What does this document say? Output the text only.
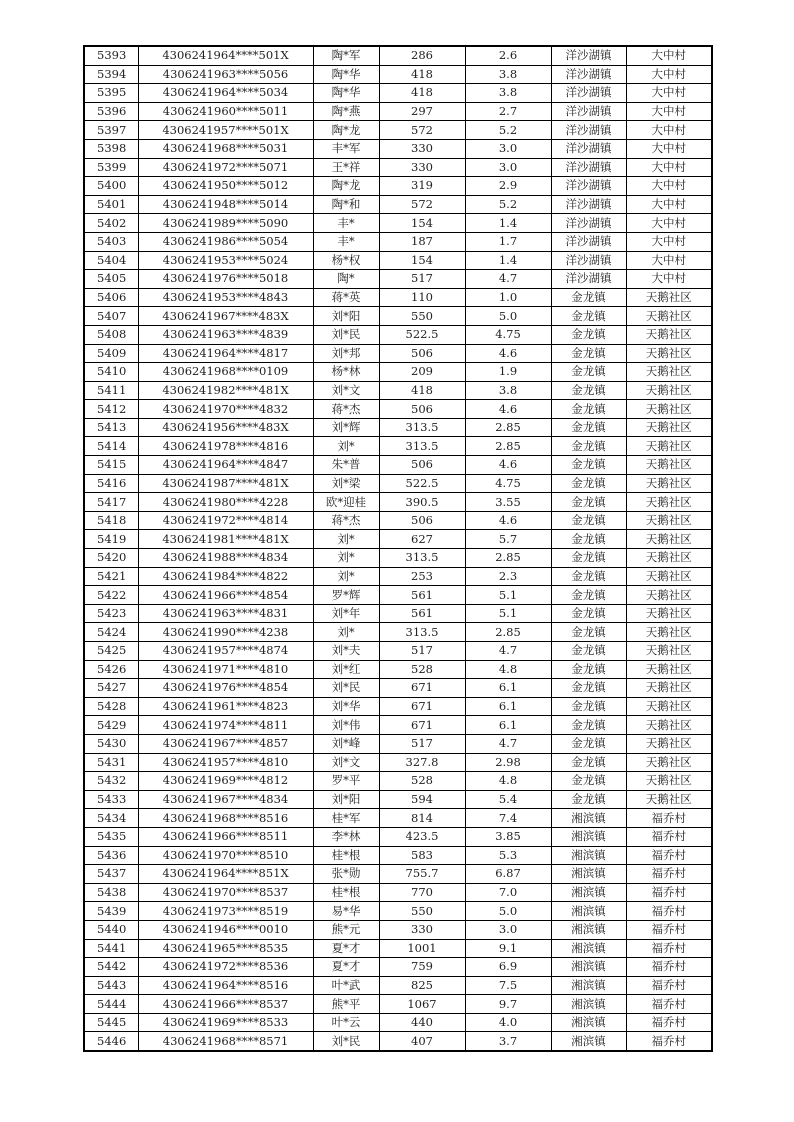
5393	4306241964****501X	陶*军	286	2.6	洋沙湖镇	大中村
5394	4306241963****5056	陶*华	418	3.8	洋沙湖镇	大中村
5395	4306241964****5034	陶*华	418	3.8	洋沙湖镇	大中村
5396	4306241960****5011	陶*燕	297	2.7	洋沙湖镇	大中村
5397	4306241957****501X	陶*龙	572	5.2	洋沙湖镇	大中村
5398	4306241968****5031	丰*军	330	3.0	洋沙湖镇	大中村
5399	4306241972****5071	王*祥	330	3.0	洋沙湖镇	大中村
5400	4306241950****5012	陶*龙	319	2.9	洋沙湖镇	大中村
5401	4306241948****5014	陶*和	572	5.2	洋沙湖镇	大中村
5402	4306241989****5090	丰*	154	1.4	洋沙湖镇	大中村
5403	4306241986****5054	丰*	187	1.7	洋沙湖镇	大中村
5404	4306241953****5024	杨*权	154	1.4	洋沙湖镇	大中村
5405	4306241976****5018	陶*	517	4.7	洋沙湖镇	大中村
5406	4306241953****4843	蒋*英	110	1.0	金龙镇	天鹅社区
5407	4306241967****483X	刘*阳	550	5.0	金龙镇	天鹅社区
5408	4306241963****4839	刘*民	522.5	4.75	金龙镇	天鹅社区
5409	4306241964****4817	刘*邦	506	4.6	金龙镇	天鹅社区
5410	4306241968****0109	杨*林	209	1.9	金龙镇	天鹅社区
5411	4306241982****481X	刘*文	418	3.8	金龙镇	天鹅社区
5412	4306241970****4832	蒋*杰	506	4.6	金龙镇	天鹅社区
5413	4306241956****483X	刘*辉	313.5	2.85	金龙镇	天鹅社区
5414	4306241978****4816	刘*	313.5	2.85	金龙镇	天鹅社区
5415	4306241964****4847	朱*普	506	4.6	金龙镇	天鹅社区
5416	4306241987****481X	刘*梁	522.5	4.75	金龙镇	天鹅社区
5417	4306241980****4228	欧*迎桂	390.5	3.55	金龙镇	天鹅社区
5418	4306241972****4814	蒋*杰	506	4.6	金龙镇	天鹅社区
5419	4306241981****481X	刘*	627	5.7	金龙镇	天鹅社区
5420	4306241988****4834	刘*	313.5	2.85	金龙镇	天鹅社区
5421	4306241984****4822	刘*	253	2.3	金龙镇	天鹅社区
5422	4306241966****4854	罗*辉	561	5.1	金龙镇	天鹅社区
5423	4306241963****4831	刘*年	561	5.1	金龙镇	天鹅社区
5424	4306241990****4238	刘*	313.5	2.85	金龙镇	天鹅社区
5425	4306241957****4874	刘*夫	517	4.7	金龙镇	天鹅社区
5426	4306241971****4810	刘*红	528	4.8	金龙镇	天鹅社区
5427	4306241976****4854	刘*民	671	6.1	金龙镇	天鹅社区
5428	4306241961****4823	刘*华	671	6.1	金龙镇	天鹅社区
5429	4306241974****4811	刘*伟	671	6.1	金龙镇	天鹅社区
5430	4306241967****4857	刘*峰	517	4.7	金龙镇	天鹅社区
5431	4306241957****4810	刘*文	327.8	2.98	金龙镇	天鹅社区
5432	4306241969****4812	罗*平	528	4.8	金龙镇	天鹅社区
5433	4306241967****4834	刘*阳	594	5.4	金龙镇	天鹅社区
5434	4306241968****8516	桂*军	814	7.4	湘滨镇	福乔村
5435	4306241966****8511	李*林	423.5	3.85	湘滨镇	福乔村
5436	4306241970****8510	桂*根	583	5.3	湘滨镇	福乔村
5437	4306241964****851X	张*勋	755.7	6.87	湘滨镇	福乔村
5438	4306241970****8537	桂*根	770	7.0	湘滨镇	福乔村
5439	4306241973****8519	易*华	550	5.0	湘滨镇	福乔村
5440	4306241946****0010	熊*元	330	3.0	湘滨镇	福乔村
5441	4306241965****8535	夏*才	1001	9.1	湘滨镇	福乔村
5442	4306241972****8536	夏*才	759	6.9	湘滨镇	福乔村
5443	4306241964****8516	叶*武	825	7.5	湘滨镇	福乔村
5444	4306241966****8537	熊*平	1067	9.7	湘滨镇	福乔村
5445	4306241969****8533	叶*云	440	4.0	湘滨镇	福乔村
5446	4306241968****8571	刘*民	407	3.7	湘滨镇	福乔村
